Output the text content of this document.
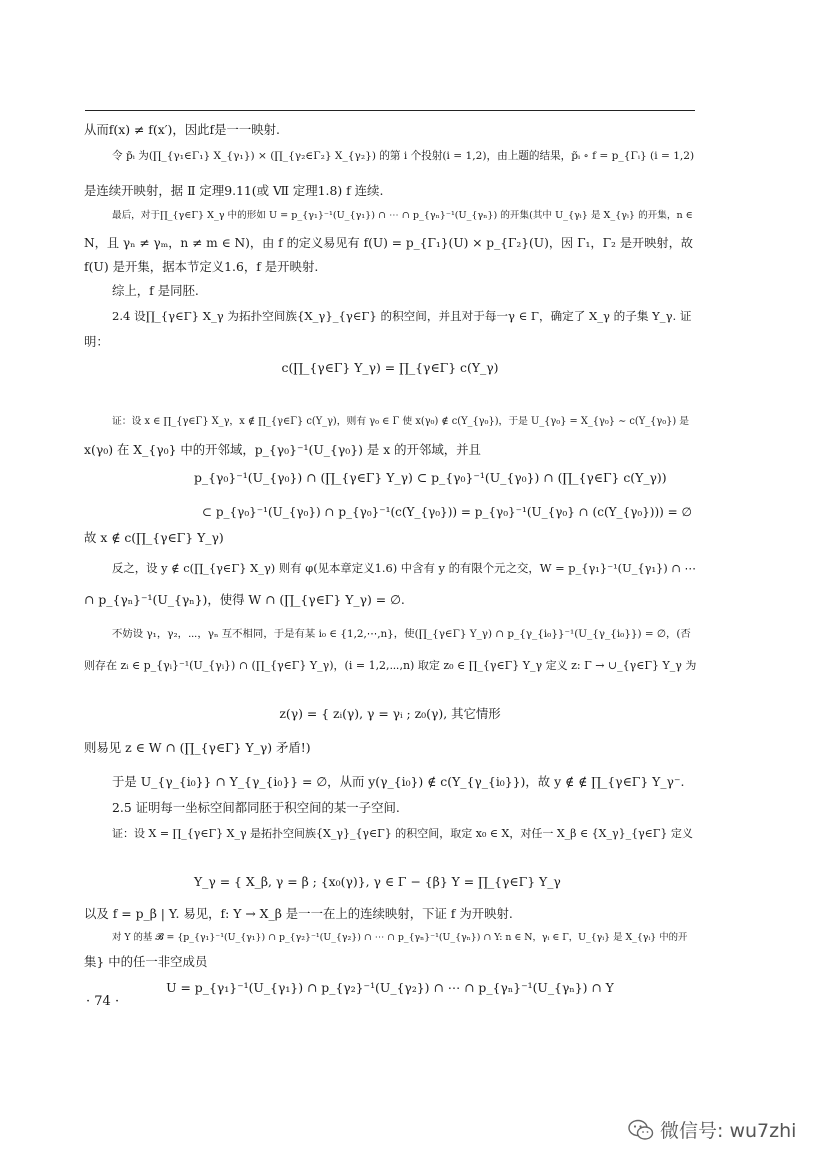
从而f(x) ≠ f(x′)，因此f是一一映射.
令 p̃ᵢ 为(∏_{γ₁∈Γ₁} X_{γ₁}) × (∏_{γ₂∈Γ₂} X_{γ₂}) 的第 i 个投射(i = 1,2)，由上题的结果，p̃ᵢ ∘ f = p_{Γᵢ} (i = 1,2)
是连续开映射，据 Ⅱ 定理9.11(或 Ⅶ 定理1.8) f 连续.
最后，对于∏_{γ∈Γ} X_γ 中的形如 U = p_{γ₁}⁻¹(U_{γ₁}) ∩ ⋯ ∩ p_{γₙ}⁻¹(U_{γₙ}) 的开集(其中 U_{γᵢ} 是 X_{γᵢ} 的开集，n ∈
N，且 γₙ ≠ γₘ，n ≠ m ∈ N)，由 f 的定义易见有 f(U) = p_{Γ₁}(U) × p_{Γ₂}(U)，因 Γ₁，Γ₂ 是开映射，故
f(U) 是开集，据本节定义1.6，f 是开映射.
综上，f 是同胚.
2.4 设∏_{γ∈Γ} X_γ 为拓扑空间族{X_γ}_{γ∈Γ} 的积空间，并且对于每一γ ∈ Γ，确定了 X_γ 的子集 Y_γ. 证
明：
c(∏_{γ∈Γ} Y_γ) = ∏_{γ∈Γ} c(Y_γ)
证：设 x ∈ ∏_{γ∈Γ} X_γ，x ∉ ∏_{γ∈Γ} c(Y_γ)，则有 γ₀ ∈ Γ 使 x(γ₀) ∉ c(Y_{γ₀})，于是 U_{γ₀} = X_{γ₀} ∼ c(Y_{γ₀}) 是
x(γ₀) 在 X_{γ₀} 中的开邻域，p_{γ₀}⁻¹(U_{γ₀}) 是 x 的开邻域，并且
p_{γ₀}⁻¹(U_{γ₀}) ∩ (∏_{γ∈Γ} Y_γ) ⊂ p_{γ₀}⁻¹(U_{γ₀}) ∩ (∏_{γ∈Γ} c(Y_γ))
⊂ p_{γ₀}⁻¹(U_{γ₀}) ∩ p_{γ₀}⁻¹(c(Y_{γ₀})) = p_{γ₀}⁻¹(U_{γ₀} ∩ (c(Y_{γ₀}))) = ∅
故 x ∉ c(∏_{γ∈Γ} Y_γ)
反之，设 y ∉ c(∏_{γ∈Γ} X_γ) 则有 φ(见本章定义1.6) 中含有 y 的有限个元之交，W = p_{γ₁}⁻¹(U_{γ₁}) ∩ ⋯
∩ p_{γₙ}⁻¹(U_{γₙ})，使得 W ∩ (∏_{γ∈Γ} Y_γ) = ∅.
不妨设 γ₁，γ₂，⋯，γₙ 互不相同，于是有某 i₀ ∈ {1,2,⋯,n}，使(∏_{γ∈Γ} Y_γ) ∩ p_{γ_{i₀}}⁻¹(U_{γ_{i₀}}) = ∅，(否
则存在 zᵢ ∈ p_{γᵢ}⁻¹(U_{γᵢ}) ∩ (∏_{γ∈Γ} Y_γ)，(i = 1,2,⋯,n) 取定 z₀ ∈ ∏_{γ∈Γ} Y_γ 定义 z: Γ → ∪_{γ∈Γ} Y_γ 为
z(γ) = { zᵢ(γ), γ = γᵢ ; z₀(γ), 其它情形
则易见 z ∈ W ∩ (∏_{γ∈Γ} Y_γ) 矛盾!)
于是 U_{γ_{i₀}} ∩ Y_{γ_{i₀}} = ∅，从而 y(γ_{i₀}) ∉ c(Y_{γ_{i₀}})，故 y ∉ ∉ ∏_{γ∈Γ} Y_γ⁻.
2.5 证明每一坐标空间都同胚于积空间的某一子空间.
证：设 X = ∏_{γ∈Γ} X_γ 是拓扑空间族{X_γ}_{γ∈Γ} 的积空间，取定 x₀ ∈ X，对任一 X_β ∈ {X_γ}_{γ∈Γ} 定义
Y_γ = { X_β, γ = β ; {x₀(γ)}, γ ∈ Γ − {β} Y = ∏_{γ∈Γ} Y_γ
以及 f = p_β | Y. 易见，f: Y → X_β 是一一在上的连续映射，下证 f 为开映射.
对 Y 的基 𝓑 = {p_{γ₁}⁻¹(U_{γ₁}) ∩ p_{γ₂}⁻¹(U_{γ₂}) ∩ ⋯ ∩ p_{γₙ}⁻¹(U_{γₙ}) ∩ Y: n ∈ N，γᵢ ∈ Γ，U_{γᵢ} 是 X_{γᵢ} 中的开
集} 中的任一非空成员
U = p_{γ₁}⁻¹(U_{γ₁}) ∩ p_{γ₂}⁻¹(U_{γ₂}) ∩ ⋯ ∩ p_{γₙ}⁻¹(U_{γₙ}) ∩ Y
· 74 ·
微信号: wu7zhi
